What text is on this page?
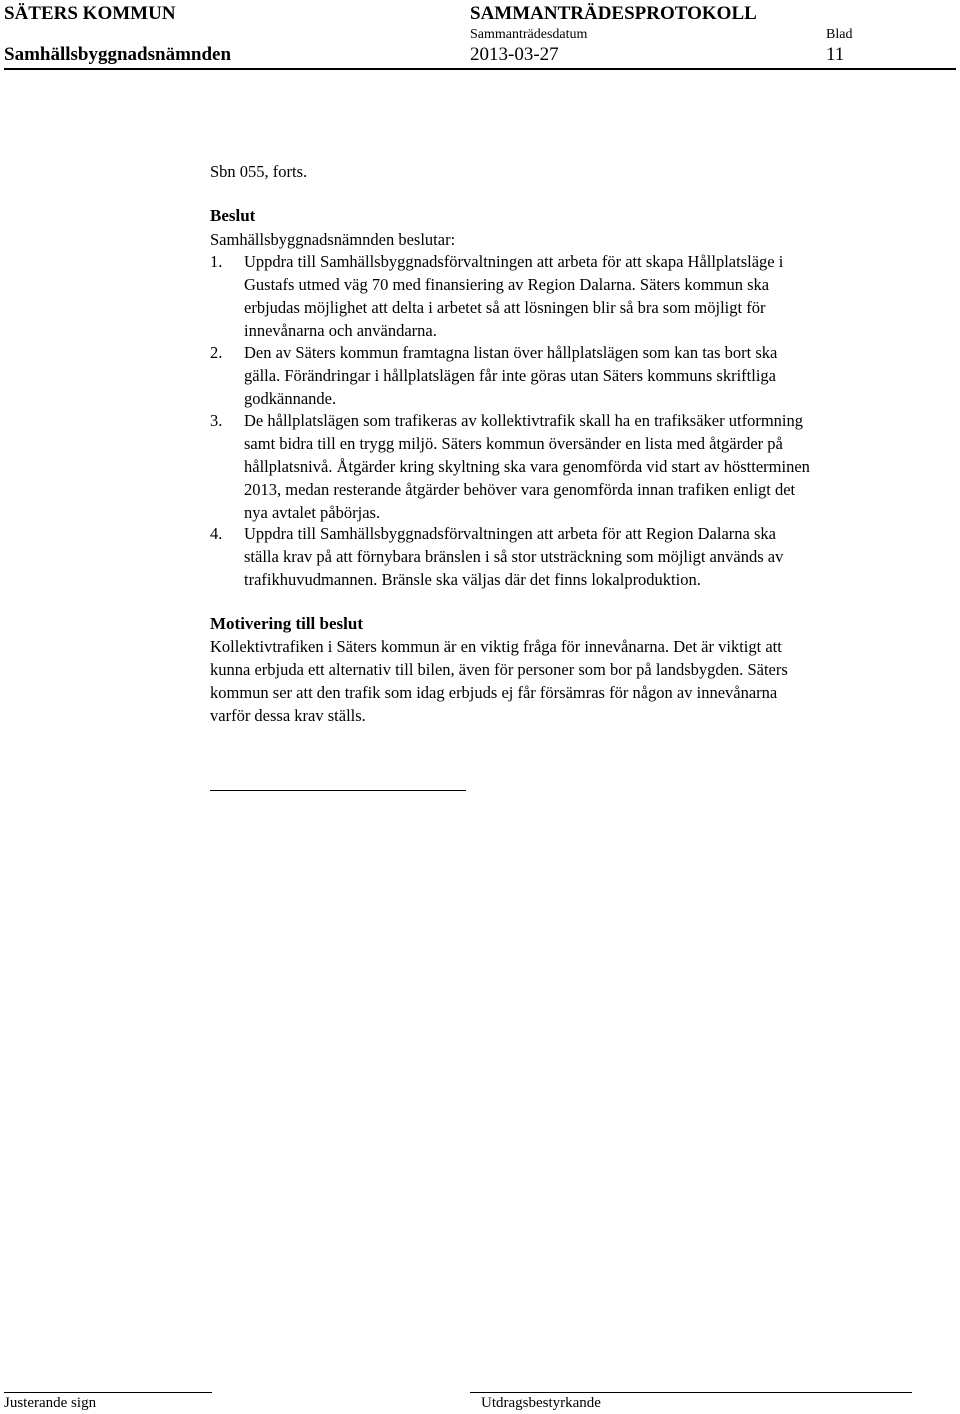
SÄTERS KOMMUN	SAMMANTRÄDESPROTOKOLL
Sammanträdesdatum	Blad
Samhällsbyggnadsnämnden	2013-03-27	11
Sbn 055, forts.
Beslut
Samhällsbyggnadsnämnden beslutar:
1. Uppdra till Samhällsbyggnadsförvaltningen att arbeta för att skapa Hållplatsläge i
Gustafs utmed väg 70 med finansiering av Region Dalarna. Säters kommun ska
erbjudas möjlighet att delta i arbetet så att lösningen blir så bra som möjligt för
innevånarna och användarna.
2. Den av Säters kommun framtagna listan över hållplatslägen som kan tas bort ska
gälla. Förändringar i hållplatslägen får inte göras utan Säters kommuns skriftliga
godkännande.
3. De hållplatslägen som trafikeras av kollektivtrafik skall ha en trafiksäker utformning
samt bidra till en trygg miljö. Säters kommun översänder en lista med åtgärder på
hållplatsnivå. Åtgärder kring skyltning ska vara genomförda vid start av höstterminen
2013, medan resterande åtgärder behöver vara genomförda innan trafiken enligt det
nya avtalet påbörjas.
4. Uppdra till Samhällsbyggnadsförvaltningen att arbeta för att Region Dalarna ska
ställa krav på att förnybara bränslen i så stor utsträckning som möjligt används av
trafikhuvudmannen. Bränsle ska väljas där det finns lokalproduktion.
Motivering till beslut
Kollektivtrafiken i Säters kommun är en viktig fråga för innevånarna. Det är viktigt att
kunna erbjuda ett alternativ till bilen, även för personer som bor på landsbygden. Säters
kommun ser att den trafik som idag erbjuds ej får försämras för någon av innevånarna
varför dessa krav ställs.
Justerande sign	Utdragsbestyrkande
